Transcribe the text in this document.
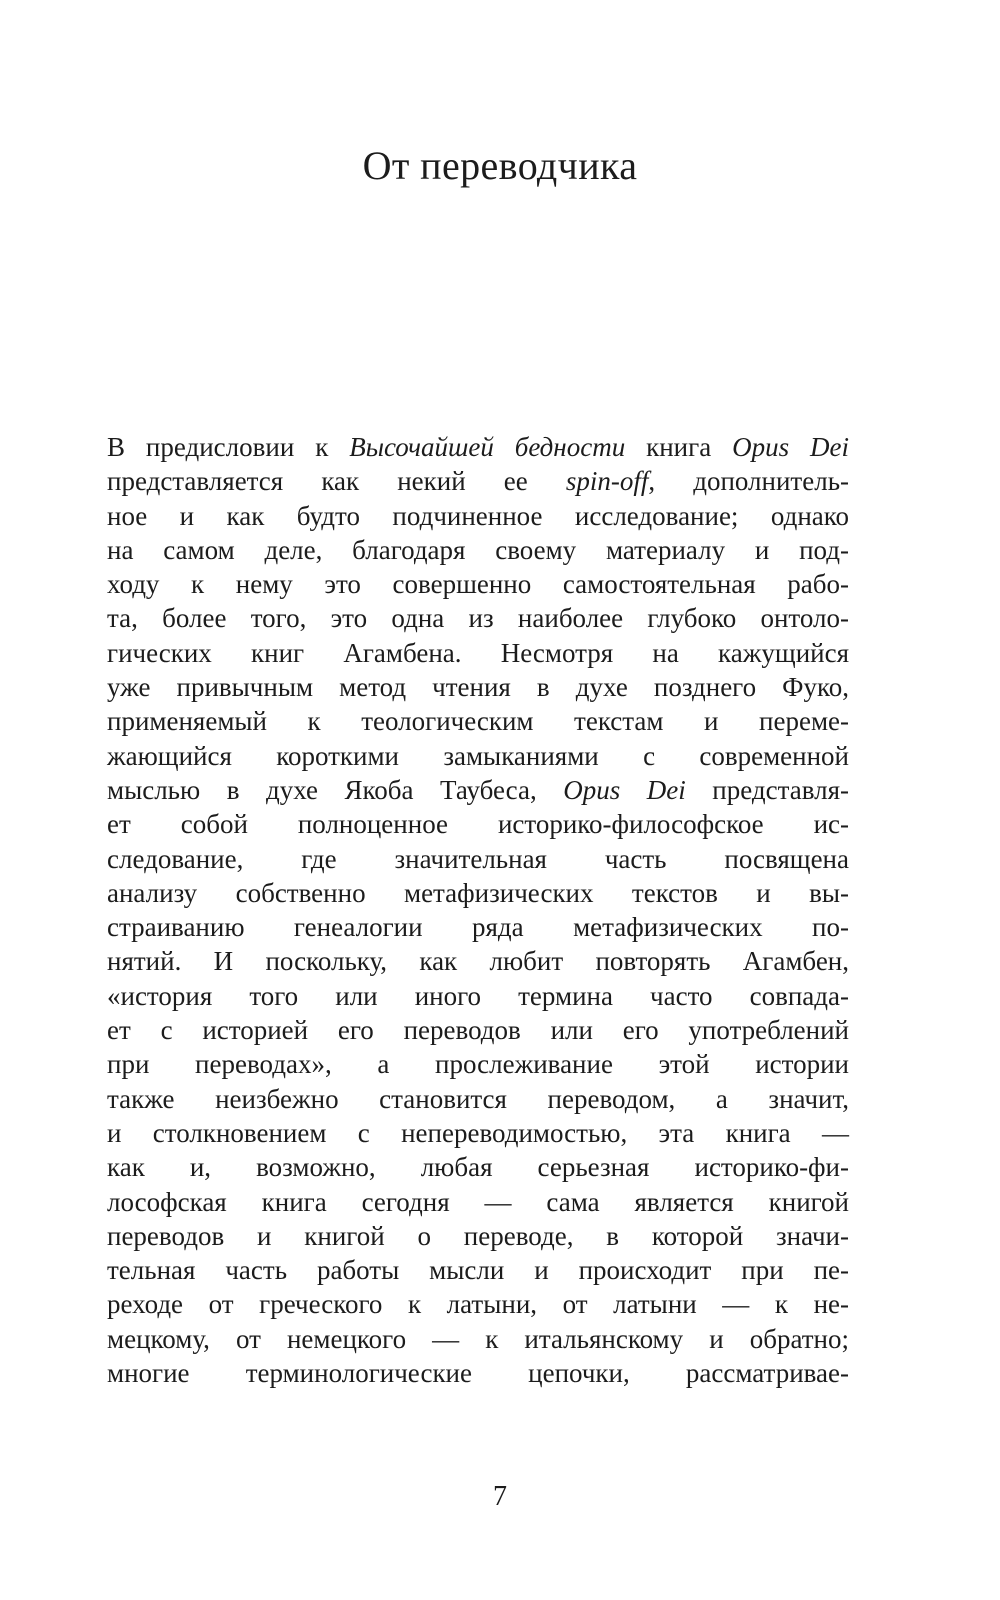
От переводчика
В предисловии к Высочайшей бедности книга Opus Dei
представляется как некий ее spin-off, дополнитель-
ное и как будто подчиненное исследование; однако
на самом деле, благодаря своему материалу и под-
ходу к нему это совершенно самостоятельная рабо-
та, более того, это одна из наиболее глубоко онтоло-
гических книг Агамбена. Несмотря на кажущийся
уже привычным метод чтения в духе позднего Фуко,
применяемый к теологическим текстам и переме-
жающийся короткими замыканиями с современной
мыслью в духе Якоба Таубеса, Opus Dei представля-
ет собой полноценное историко-философское ис-
следование, где значительная часть посвящена
анализу собственно метафизических текстов и вы-
страиванию генеалогии ряда метафизических по-
нятий. И поскольку, как любит повторять Агамбен,
«история того или иного термина часто совпада-
ет с историей его переводов или его употреблений
при переводах», а прослеживание этой истории
также неизбежно становится переводом, а значит,
и столкновением с непереводимостью, эта книга —
как и, возможно, любая серьезная историко-фи-
лософская книга сегодня — сама является книгой
переводов и книгой о переводе, в которой значи-
тельная часть работы мысли и происходит при пе-
реходе от греческого к латыни, от латыни — к не-
мецкому, от немецкого — к итальянскому и обратно;
многие терминологические цепочки, рассматривае-
7
